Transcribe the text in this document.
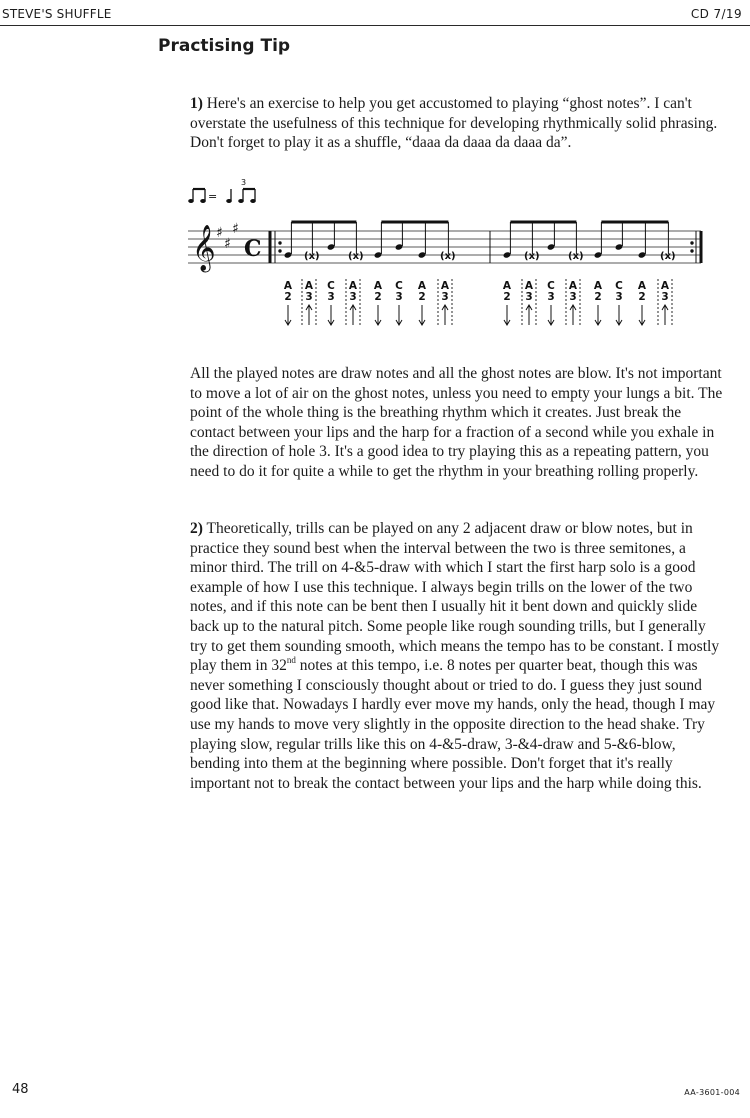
STEVE'S SHUFFLE	CD 7/19
Practising Tip

1) Here's an exercise to help you get accustomed to playing “ghost notes”. I can't overstate the usefulness of this technique for developing rhythmically solid phrasing. Don't forget to play it as a shuffle, “daaa da daaa da daaa da”.

=
3
𝄞 ♯
♯
♯
C	(x)	(x)	(x)	(x)	(x)	(x)
A
2
A
3
C
3
A
3
A
2
C
3
A
2
A
3
A
2
A
3
C
3
A
3
A
2
C
3
A
2
A
3

All the played notes are draw notes and all the ghost notes are blow. It's not important to move a lot of air on the ghost notes, unless you need to empty your lungs a bit. The point of the whole thing is the breathing rhythm which it creates. Just break the contact between your lips and the harp for a fraction of a second while you exhale in the direction of hole 3. It's a good idea to try playing this as a repeating pattern, you need to do it for quite a while to get the rhythm in your breathing rolling properly.

2) Theoretically, trills can be played on any 2 adjacent draw or blow notes, but in practice they sound best when the interval between the two is three semitones, a minor third. The trill on 4-&5-draw with which I start the first harp solo is a good example of how I use this technique. I always begin trills on the lower of the two notes, and if this note can be bent then I usually hit it bent down and quickly slide back up to the natural pitch. Some people like rough sounding trills, but I generally try to get them sounding smooth, which means the tempo has to be constant. I mostly play them in 32nd notes at this tempo, i.e. 8 notes per quarter beat, though this was never something I consciously thought about or tried to do. I guess they just sound good like that. Nowadays I hardly ever move my hands, only the head, though I may use my hands to move very slightly in the opposite direction to the head shake. Try playing slow, regular trills like this on 4-&5-draw, 3-&4-draw and 5-&6-blow, bending into them at the beginning where possible. Don't forget that it's really important not to break the contact between your lips and the harp while doing this.

48	AA-3601-004
